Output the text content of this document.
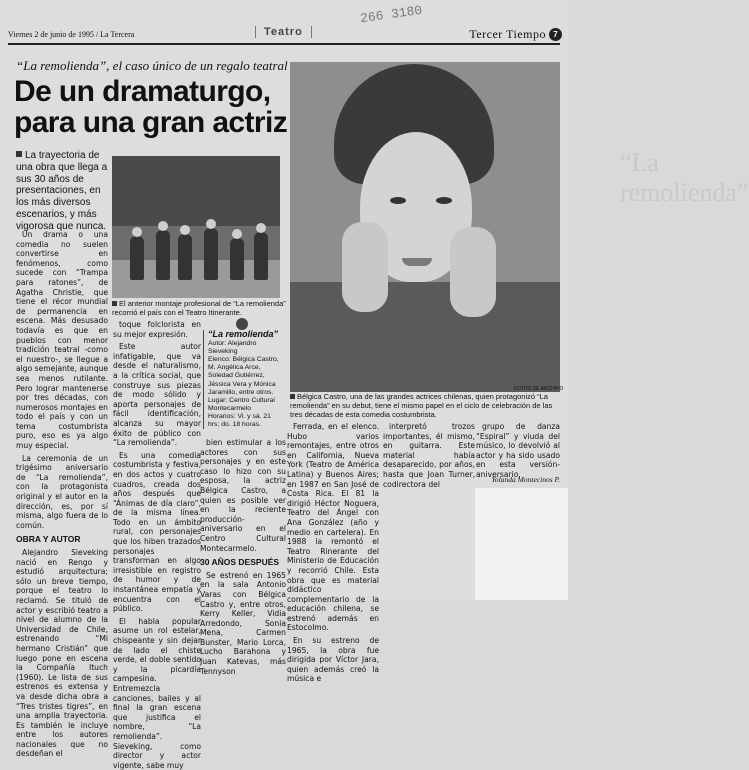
Viernes 2 de junio de 1995 / La Tercera
266 3180
Teatro	Tercer Tiempo 7
“La remolienda”, el caso único de un regalo teatral
De un dramaturgo, para una gran actriz
La trayectoria de una obra que llega a sus 30 años de presentaciones, en los más diversos escenarios, y más vigorosa que nunca.
El anterior montaje profesional de “La remolienda” recorrió el país con el Teatro Itinerante.
“La remolienda”
FOTOS DE ARCHIVO
Bélgica Castro, una de las grandes actrices chilenas, quien protagonizó “La remolienda” en su debut, tiene el mismo papel en el ciclo de celebración de las tres décadas de esta comedia costumbrista.

Un drama o una comedia no suelen convertirse en fenómenos, como sucede con “Trampa para ratones”, de Agatha Christie, que tiene el récor mundial de permanencia en escena. Más desusado todavía es que en pueblos con menor tradición teatral -como el nuestro-, se llegue a algo semejante, aunque sea menos rutilante. Pero lograr mantenerse por tres décadas, con numerosos montajes en todo el país y con un tema costumbrista puro, eso es ya algo muy especial.

La ceremonia de un trigésimo aniversario de “La remolienda”, con la protagonista original y el autor en la dirección, es, por sí misma, algo fuera de lo común.

OBRA Y AUTOR

Alejandro Sieveking nació en Rengo y estudió arquitectura; sólo un breve tiempo, porque el teatro lo reclamó. Se tituló de actor y escribió teatro a nivel de alumno de la Universidad de Chile, estrenando “Mi hermano Cristián” que luego pone en escena la Compañía Ituch (1960). Le lista de sus estrenos es extensa y va desde dicha obra a “Tres tristes tigres”, en una amplia trayectoria. Es también le incluye entre los autores nacionales que no desdeñan el

“La remolienda”
Autor: Alejandro Sieveking
Elenco: Bélgica Castro, M. Angélica Arce, Soledad Gutiérrez, Jéssica Vera y Mónica Jaramillo, entre otros.
Lugar: Centro Cultural Montecarmelo
Horarios: Vi. y sá. 21 hrs; do. 18 horas.

toque folclorista en su mejor expresión.

Este autor infatigable, que va desde el naturalismo, a la crítica social, que construye sus piezas de modo sólido y aporta personajes de fácil identificación, alcanza su mayor éxito de público con “La remolienda”.

Es una comedia costumbrista y festiva, en dos actos y cuatro cuadros, creada dos años después que “Ánimas de día claro”, de la misma línea. Todo en un ámbito rural, con personajes que los hiben trazados personajes transforman en algo irresistible en registro de humor y de instantánea empatía y encuentra con el público.

El habla popular asume un rol estelar, chispeante y sin dejar de lado el chiste verde, el doble sentido y la picardía campesina. Entremezcla canciones, bailes y al final la gran escena que justifica el nombre, “La remolienda”. Sieveking, como director y actor vigente, sabe muy

bien estimular a los actores con sus personajes y en este caso lo hizo con su esposa, la actriz Bélgica Castro, a quien es posible ver en la reciente producción-aniversario en el Centro Cultural Montecarmelo.

30 AÑOS DESPUÉS

Se estrenó en 1965 en la sala Antonio Varas con Bélgica Castro y, entre otros, Kerry Keller, Vidia Arredondo, Sonia Mena, Carmen Bunster, Mario Lorca, Lucho Barahona y Juan Katevas, más Tennyson

Ferrada, en el elenco. Hubo varios remontajes, entre otros en California, Nueva York (Teatro de América Latina) y Buenos Aires; en 1987 en San José de Costa Rica. El 81 la dirigió Héctor Noguera, Teatro del Ángel con Ana González (año y medio en cartelera). En 1988 la remontó el Teatro Rinerante del Ministerio de Educación y recorrió Chile. Esta obra que es material didáctico complementario de la educación chilena, se estrenó además en Estocolmo.

En su estreno de 1965, la obra fue dirigida por Víctor Jara, quien además creó la música e

interpretó trozos importantes, él mismo, en guitarra. Este material había desaparecido, por años, hasta que Joan Turner, codirectora del

grupo de danza “Espiral” y viuda del músico, lo devolvió al actor y ha sido usado en esta versión-aniversario.

Yolanda Montecinos P.
